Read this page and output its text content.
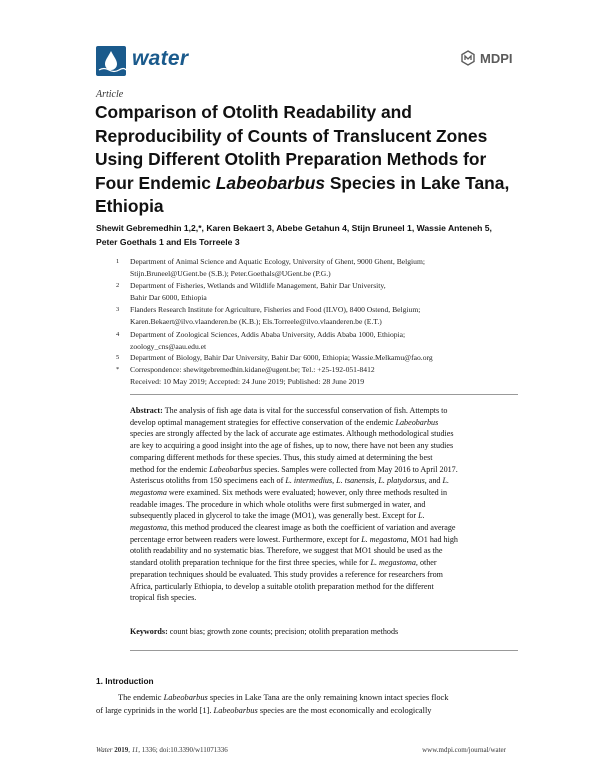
water	MDPI
Article
Comparison of Otolith Readability and
Reproducibility of Counts of Translucent Zones
Using Different Otolith Preparation Methods for
Four Endemic Labeobarbus Species in Lake Tana,
Ethiopia
Shewit Gebremedhin 1,2,*, Karen Bekaert 3, Abebe Getahun 4, Stijn Bruneel 1, Wassie Anteneh 5,
Peter Goethals 1 and Els Torreele 3
1 Department of Animal Science and Aquatic Ecology, University of Ghent, 9000 Ghent, Belgium;
Stijn.Bruneel@UGent.be (S.B.); Peter.Goethals@UGent.be (P.G.)
2 Department of Fisheries, Wetlands and Wildlife Management, Bahir Dar University,
Bahir Dar 6000, Ethiopia
3 Flanders Research Institute for Agriculture, Fisheries and Food (ILVO), 8400 Ostend, Belgium;
Karen.Bekaert@ilvo.vlaanderen.be (K.B.); Els.Torreele@ilvo.vlaanderen.be (E.T.)
4 Department of Zoological Sciences, Addis Ababa University, Addis Ababa 1000, Ethiopia;
zoology_cns@aau.edu.et
5 Department of Biology, Bahir Dar University, Bahir Dar 6000, Ethiopia; Wassie.Melkamu@fao.org
* Correspondence: shewitgebremedhin.kidane@ugent.be; Tel.: +25-192-051-8412
Received: 10 May 2019; Accepted: 24 June 2019; Published: 28 June 2019
Abstract: The analysis of fish age data is vital for the successful conservation of fish. Attempts to
develop optimal management strategies for effective conservation of the endemic Labeobarbus
species are strongly affected by the lack of accurate age estimates. Although methodological studies
are key to acquiring a good insight into the age of fishes, up to now, there have not been any studies
comparing different methods for these species. Thus, this study aimed at determining the best
method for the endemic Labeobarbus species. Samples were collected from May 2016 to April 2017.
Asteriscus otoliths from 150 specimens each of L. intermedius, L. tsanensis, L. platydorsus, and L.
megastoma were examined. Six methods were evaluated; however, only three methods resulted in
readable images. The procedure in which whole otoliths were first submerged in water, and
subsequently placed in glycerol to take the image (MO1), was generally best. Except for L.
megastoma, this method produced the clearest image as both the coefficient of variation and average
percentage error between readers were lowest. Furthermore, except for L. megastoma, MO1 had high
otolith readability and no systematic bias. Therefore, we suggest that MO1 should be used as the
standard otolith preparation technique for the first three species, while for L. megastoma, other
preparation techniques should be evaluated. This study provides a reference for researchers from
Africa, particularly Ethiopia, to develop a suitable otolith preparation method for the different
tropical fish species.
Keywords: count bias; growth zone counts; precision; otolith preparation methods
1. Introduction
The endemic Labeobarbus species in Lake Tana are the only remaining known intact species flock
of large cyprinids in the world [1]. Labeobarbus species are the most economically and ecologically
Water 2019, 11, 1336; doi:10.3390/w11071336	www.mdpi.com/journal/water
